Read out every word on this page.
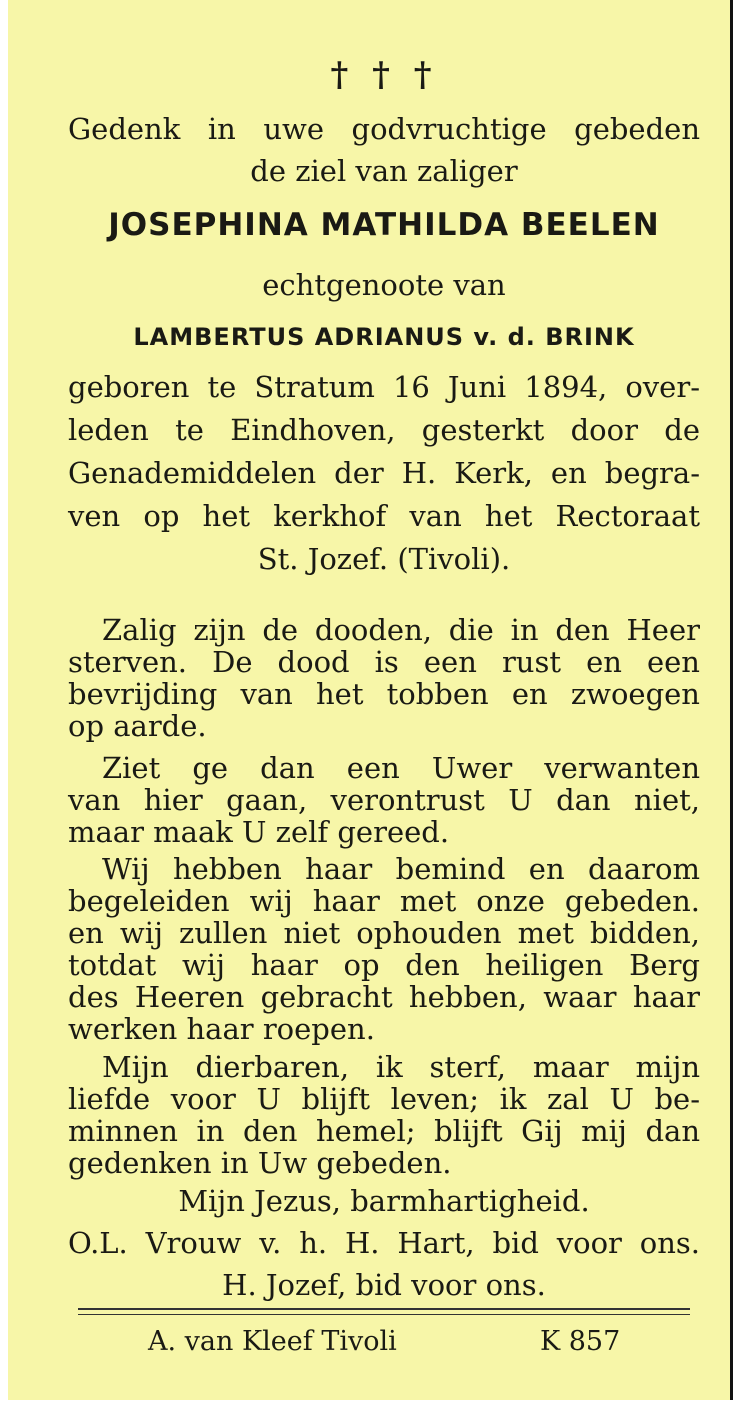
† † †
Gedenk in uwe godvruchtige gebeden
de ziel van zaliger
JOSEPHINA MATHILDA BEELEN
echtgenoote van
LAMBERTUS ADRIANUS v. d. BRINK
geboren te Stratum 16 Juni 1894, over-
leden te Eindhoven, gesterkt door de
Genademiddelen der H. Kerk, en begra-
ven op het kerkhof van het Rectoraat
St. Jozef. (Tivoli).
Zalig zijn de dooden, die in den Heer
sterven. De dood is een rust en een
bevrijding van het tobben en zwoegen
op aarde.
Ziet ge dan een Uwer verwanten
van hier gaan, verontrust U dan niet,
maar maak U zelf gereed.
Wij hebben haar bemind en daarom
begeleiden wij haar met onze gebeden.
en wij zullen niet ophouden met bidden,
totdat wij haar op den heiligen Berg
des Heeren gebracht hebben, waar haar
werken haar roepen.
Mijn dierbaren, ik sterf, maar mijn
liefde voor U blijft leven; ik zal U be-
minnen in den hemel; blijft Gij mij dan
gedenken in Uw gebeden.
Mijn Jezus, barmhartigheid.
O.L. Vrouw v. h. H. Hart, bid voor ons.
H. Jozef, bid voor ons.
A. van Kleef Tivoli	K 857
